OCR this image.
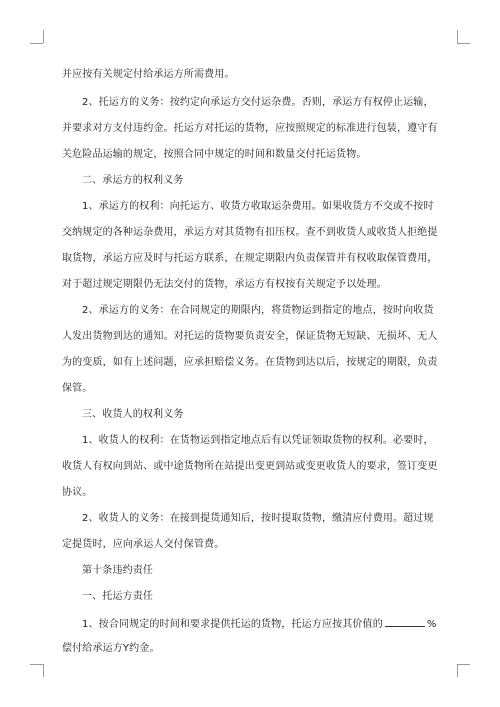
并应按有关规定付给承运方所需费用。
2、托运方的义务：按约定向承运方交付运杂费。否则，承运方有权停止运输，
并要求对方支付违约金。托运方对托运的货物，应按照规定的标准进行包装，遵守有
关危险品运输的规定，按照合同中规定的时间和数量交付托运货物。
二、承运方的权利义务
1、承运方的权利：向托运方、收货方收取运杂费用。如果收货方不交或不按时
交纳规定的各种运杂费用，承运方对其货物有扣压权。查不到收货人或收货人拒绝提
取货物，承运方应及时与托运方联系，在规定期限内负责保管并有权收取保管费用，
对于超过规定期限仍无法交付的货物，承运方有权按有关规定予以处理。
2、承运方的义务：在合同规定的期限内，将货物运到指定的地点，按时向收货
人发出货物到达的通知。对托运的货物要负责安全，保证货物无短缺、无损坏、无人
为的变质，如有上述问题，应承担赔偿义务。在货物到达以后，按规定的期限，负责
保管。
三、收货人的权利义务
1、收货人的权利：在货物运到指定地点后有以凭证领取货物的权利。必要时，
收货人有权向到站、或中途货物所在站提出变更到站或变更收货人的要求，签订变更
协议。
2、收货人的义务：在接到提货通知后，按时提取货物，缴清应付费用。超过规
定提货时，应向承运人交付保管费。
第十条违约责任
一、托运方责任
1、按合同规定的时间和要求提供托运的货物，托运方应按其价值的	%
偿付给承运方Y约金。
